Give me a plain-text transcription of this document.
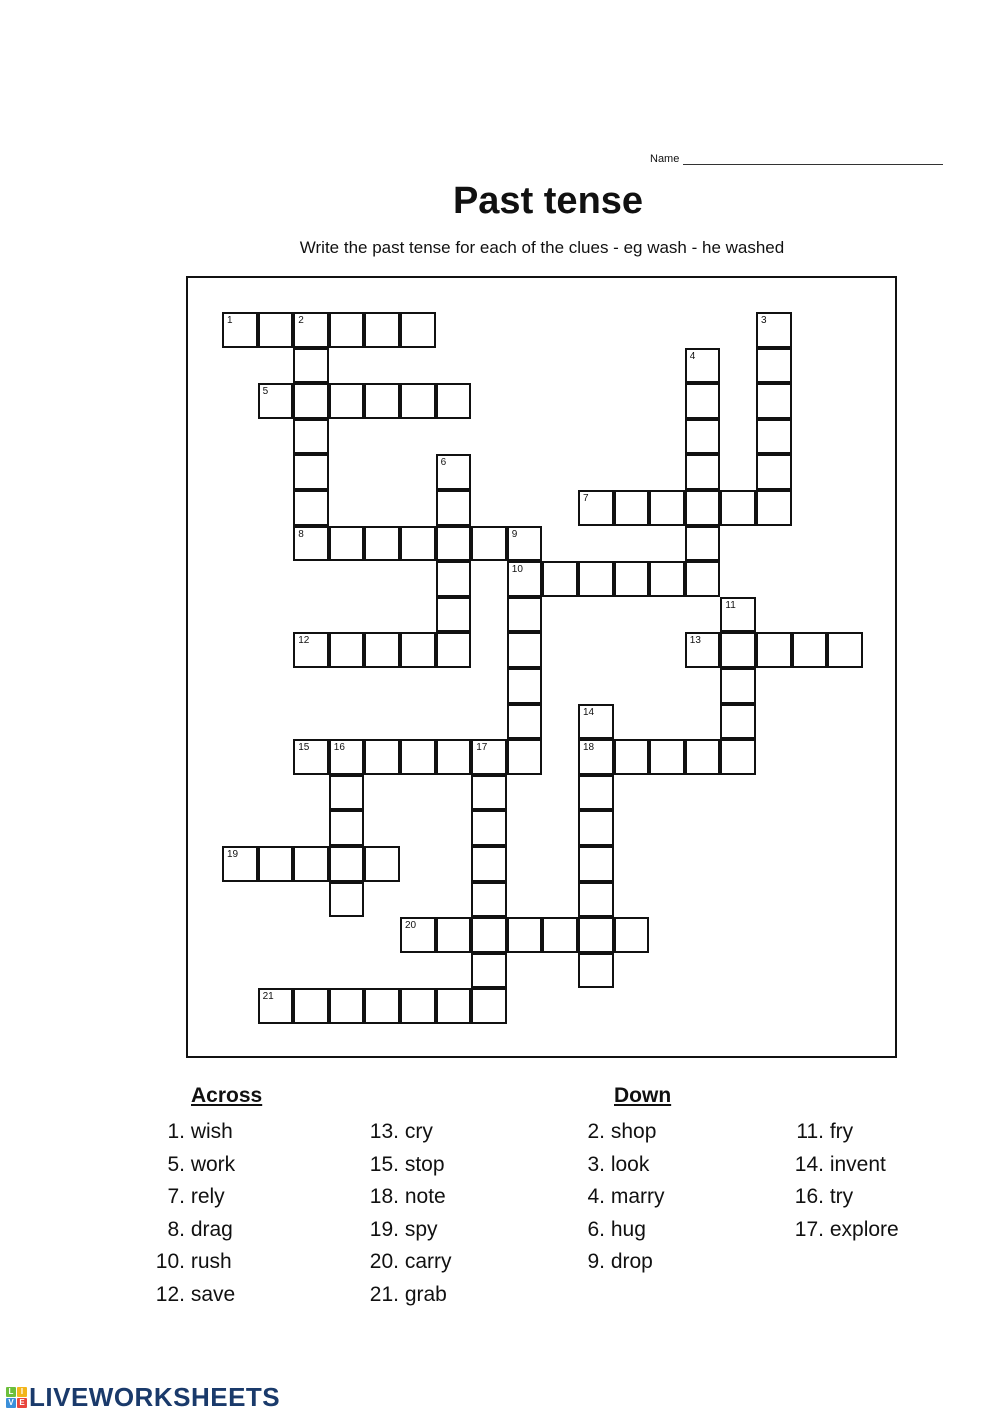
Name
Past tense
Write the past tense for each of the clues - eg wash - he washed
1	2
8
3
4
5
6
7
9
10
11
12	13
14
18
15 16	17
19
20
21
Across	Down
1. wish
5. work
7. rely
8. drag
10. rush
12. save
13. cry
15. stop
18. note
19. spy
20. carry
21. grab
2. shop
3. look
4. marry
6. hug
9. drop
11. fry
14. invent
16. try
17. explore
L I
V E LIVEWORKSHEETS
